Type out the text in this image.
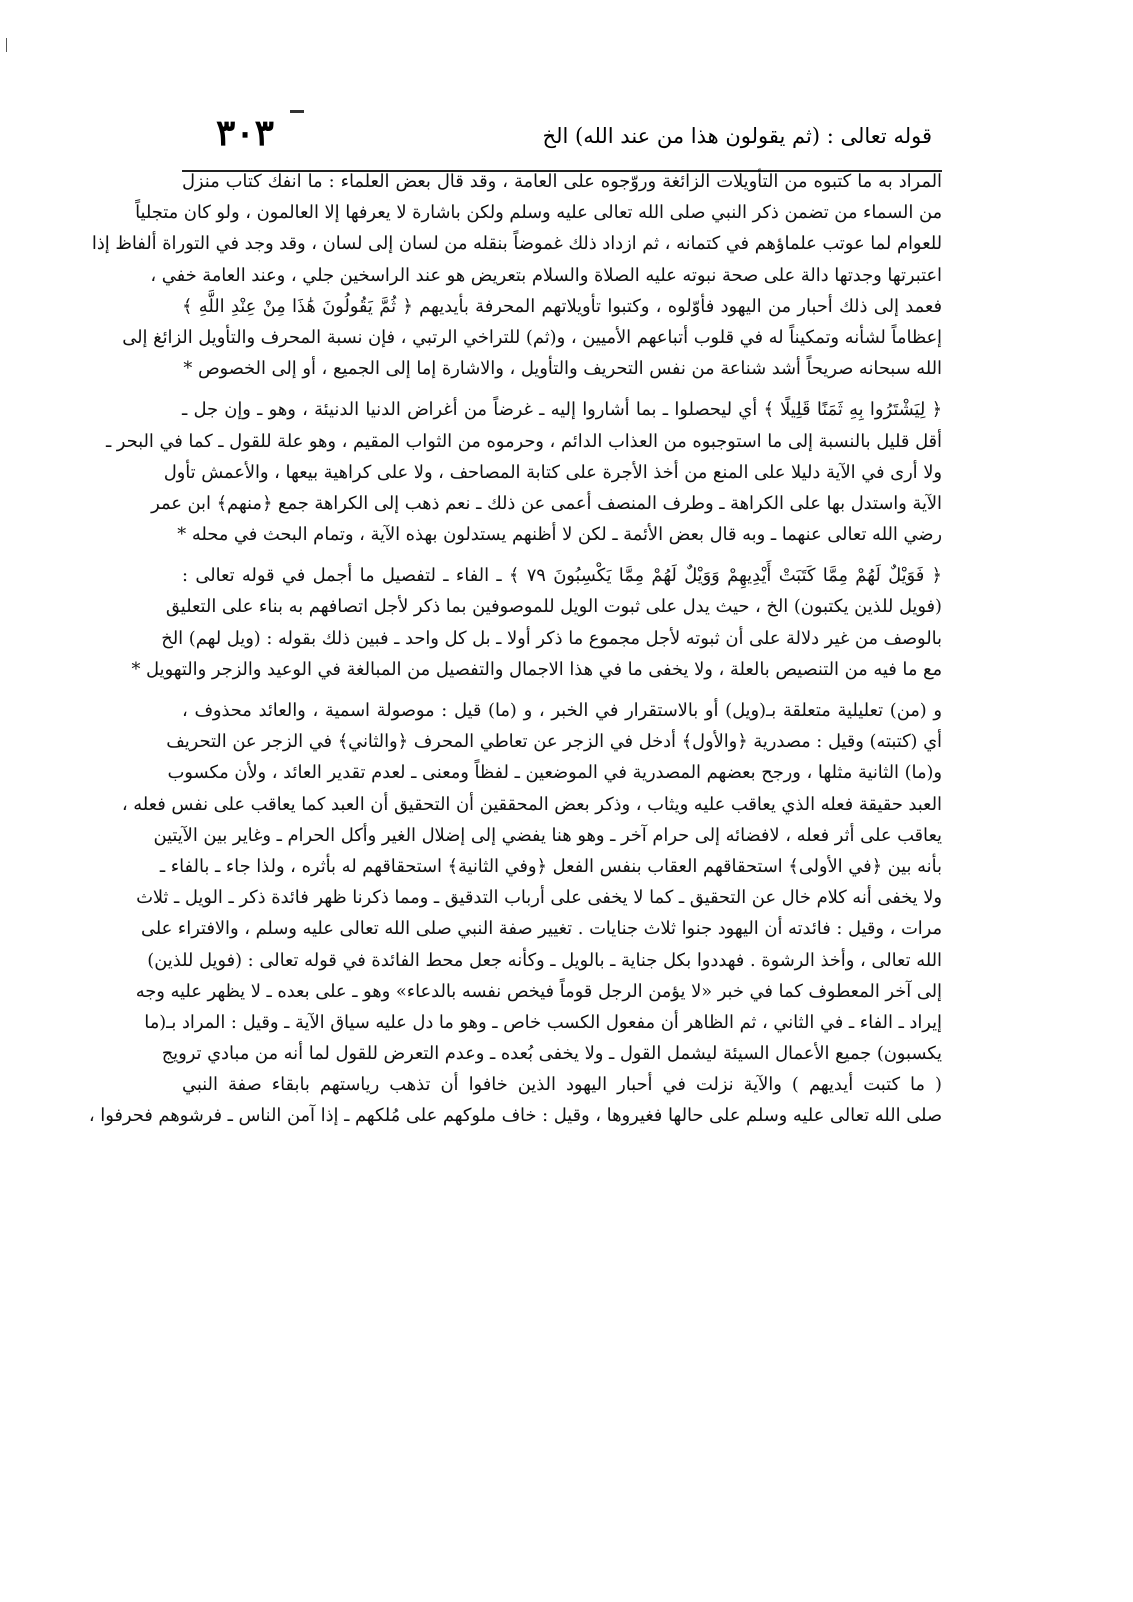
٣٠٣	قوله تعالى : (ثم يقولون هذا من عند الله) الخ
المراد به ما كتبوه من التأويلات الزائغة وروّجوه على العامة ، وقد قال بعض العلماء : ما انفك كتاب منزل
من السماء من تضمن ذكر النبي صلى الله تعالى عليه وسلم ولكن باشارة لا يعرفها إلا العالمون ، ولو كان متجلياً
للعوام لما عوتب علماؤهم في كتمانه ، ثم ازداد ذلك غموضاً بنقله من لسان إلى لسان ، وقد وجد في التوراة ألفاظ إذا
اعتبرتها وجدتها دالة على صحة نبوته عليه الصلاة والسلام بتعريض هو عند الراسخين جلي ، وعند العامة خفي ،
فعمد إلى ذلك أحبار من اليهود فأوّلوه ، وكتبوا تأويلاتهم المحرفة بأيديهم ﴿ ثُمَّ يَقُولُونَ هَٰذَا مِنْ عِنْدِ اللَّهِ ﴾
إعظاماً لشأنه وتمكيناً له في قلوب أتباعهم الأميين ، و(ثم) للتراخي الرتبي ، فإن نسبة المحرف والتأويل الزائغ إلى
الله سبحانه صريحاً أشد شناعة من نفس التحريف والتأويل ، والاشارة إما إلى الجميع ، أو إلى الخصوص *
﴿ لِيَشْتَرُوا بِهِ ثَمَنًا قَلِيلًا ﴾ أي ليحصلوا ـ بما أشاروا إليه ـ غرضاً من أغراض الدنيا الدنيئة ، وهو ـ وإن جل ـ
أقل قليل بالنسبة إلى ما استوجبوه من العذاب الدائم ، وحرموه من الثواب المقيم ، وهو علة للقول ـ كما في البحر ـ
ولا أرى في الآية دليلا على المنع من أخذ الأجرة على كتابة المصاحف ، ولا على كراهية بيعها ، والأعمش تأول
الآية واستدل بها على الكراهة ـ وطرف المنصف أعمى عن ذلك ـ نعم ذهب إلى الكراهة جمع ﴿منهم﴾ ابن عمر
رضي الله تعالى عنهما ـ وبه قال بعض الأئمة ـ لكن لا أظنهم يستدلون بهذه الآية ، وتمام البحث في محله *
﴿ فَوَيْلٌ لَهُمْ مِمَّا كَتَبَتْ أَيْدِيهِمْ وَوَيْلٌ لَهُمْ مِمَّا يَكْسِبُونَ ٧٩ ﴾ ـ الفاء ـ لتفصيل ما أجمل في قوله تعالى :
(فويل للذين يكتبون) الخ ، حيث يدل على ثبوت الويل للموصوفين بما ذكر لأجل اتصافهم به بناء على التعليق
بالوصف من غير دلالة على أن ثبوته لأجل مجموع ما ذكر أولا ـ بل كل واحد ـ فبين ذلك بقوله : (ويل لهم) الخ
مع ما فيه من التنصيص بالعلة ، ولا يخفى ما في هذا الاجمال والتفصيل من المبالغة في الوعيد والزجر والتهويل *
و (من) تعليلية متعلقة بـ(ويل) أو بالاستقرار في الخبر ، و (ما) قيل : موصولة اسمية ، والعائد محذوف ،
أي (كتبته) وقيل : مصدرية ﴿والأول﴾ أدخل في الزجر عن تعاطي المحرف ﴿والثاني﴾ في الزجر عن التحريف
و(ما) الثانية مثلها ، ورجح بعضهم المصدرية في الموضعين ـ لفظاً ومعنى ـ لعدم تقدير العائد ، ولأن مكسوب
العبد حقيقة فعله الذي يعاقب عليه ويثاب ، وذكر بعض المحققين أن التحقيق أن العبد كما يعاقب على نفس فعله ،
يعاقب على أثر فعله ، لافضائه إلى حرام آخر ـ وهو هنا يفضي إلى إضلال الغير وأكل الحرام ـ وغاير بين الآيتين
بأنه بين ﴿في الأولى﴾ استحقاقهم العقاب بنفس الفعل ﴿وفي الثانية﴾ استحقاقهم له بأثره ، ولذا جاء ـ بالفاء ـ
ولا يخفى أنه كلام خال عن التحقيق ـ كما لا يخفى على أرباب التدقيق ـ ومما ذكرنا ظهر فائدة ذكر ـ الويل ـ ثلاث
مرات ، وقيل : فائدته أن اليهود جنوا ثلاث جنايات . تغيير صفة النبي صلى الله تعالى عليه وسلم ، والافتراء على
الله تعالى ، وأخذ الرشوة . فهددوا بكل جناية ـ بالويل ـ وكأنه جعل محط الفائدة في قوله تعالى : (فويل للذين)
إلى آخر المعطوف كما في خبر «لا يؤمن الرجل قوماً فيخص نفسه بالدعاء» وهو ـ على بعده ـ لا يظهر عليه وجه
إيراد ـ الفاء ـ في الثاني ، ثم الظاهر أن مفعول الكسب خاص ـ وهو ما دل عليه سياق الآية ـ وقيل : المراد بـ(ما
يكسبون) جميع الأعمال السيئة ليشمل القول ـ ولا يخفى بُعده ـ وعدم التعرض للقول لما أنه من مبادي ترويج
( ما كتبت أيديهم ) والآية نزلت في أحبار اليهود الذين خافوا أن تذهب رياستهم بابقاء صفة النبي
صلى الله تعالى عليه وسلم على حالها فغيروها ، وقيل : خاف ملوكهم على مُلكهم ـ إذا آمن الناس ـ فرشوهم فحرفوا ،
